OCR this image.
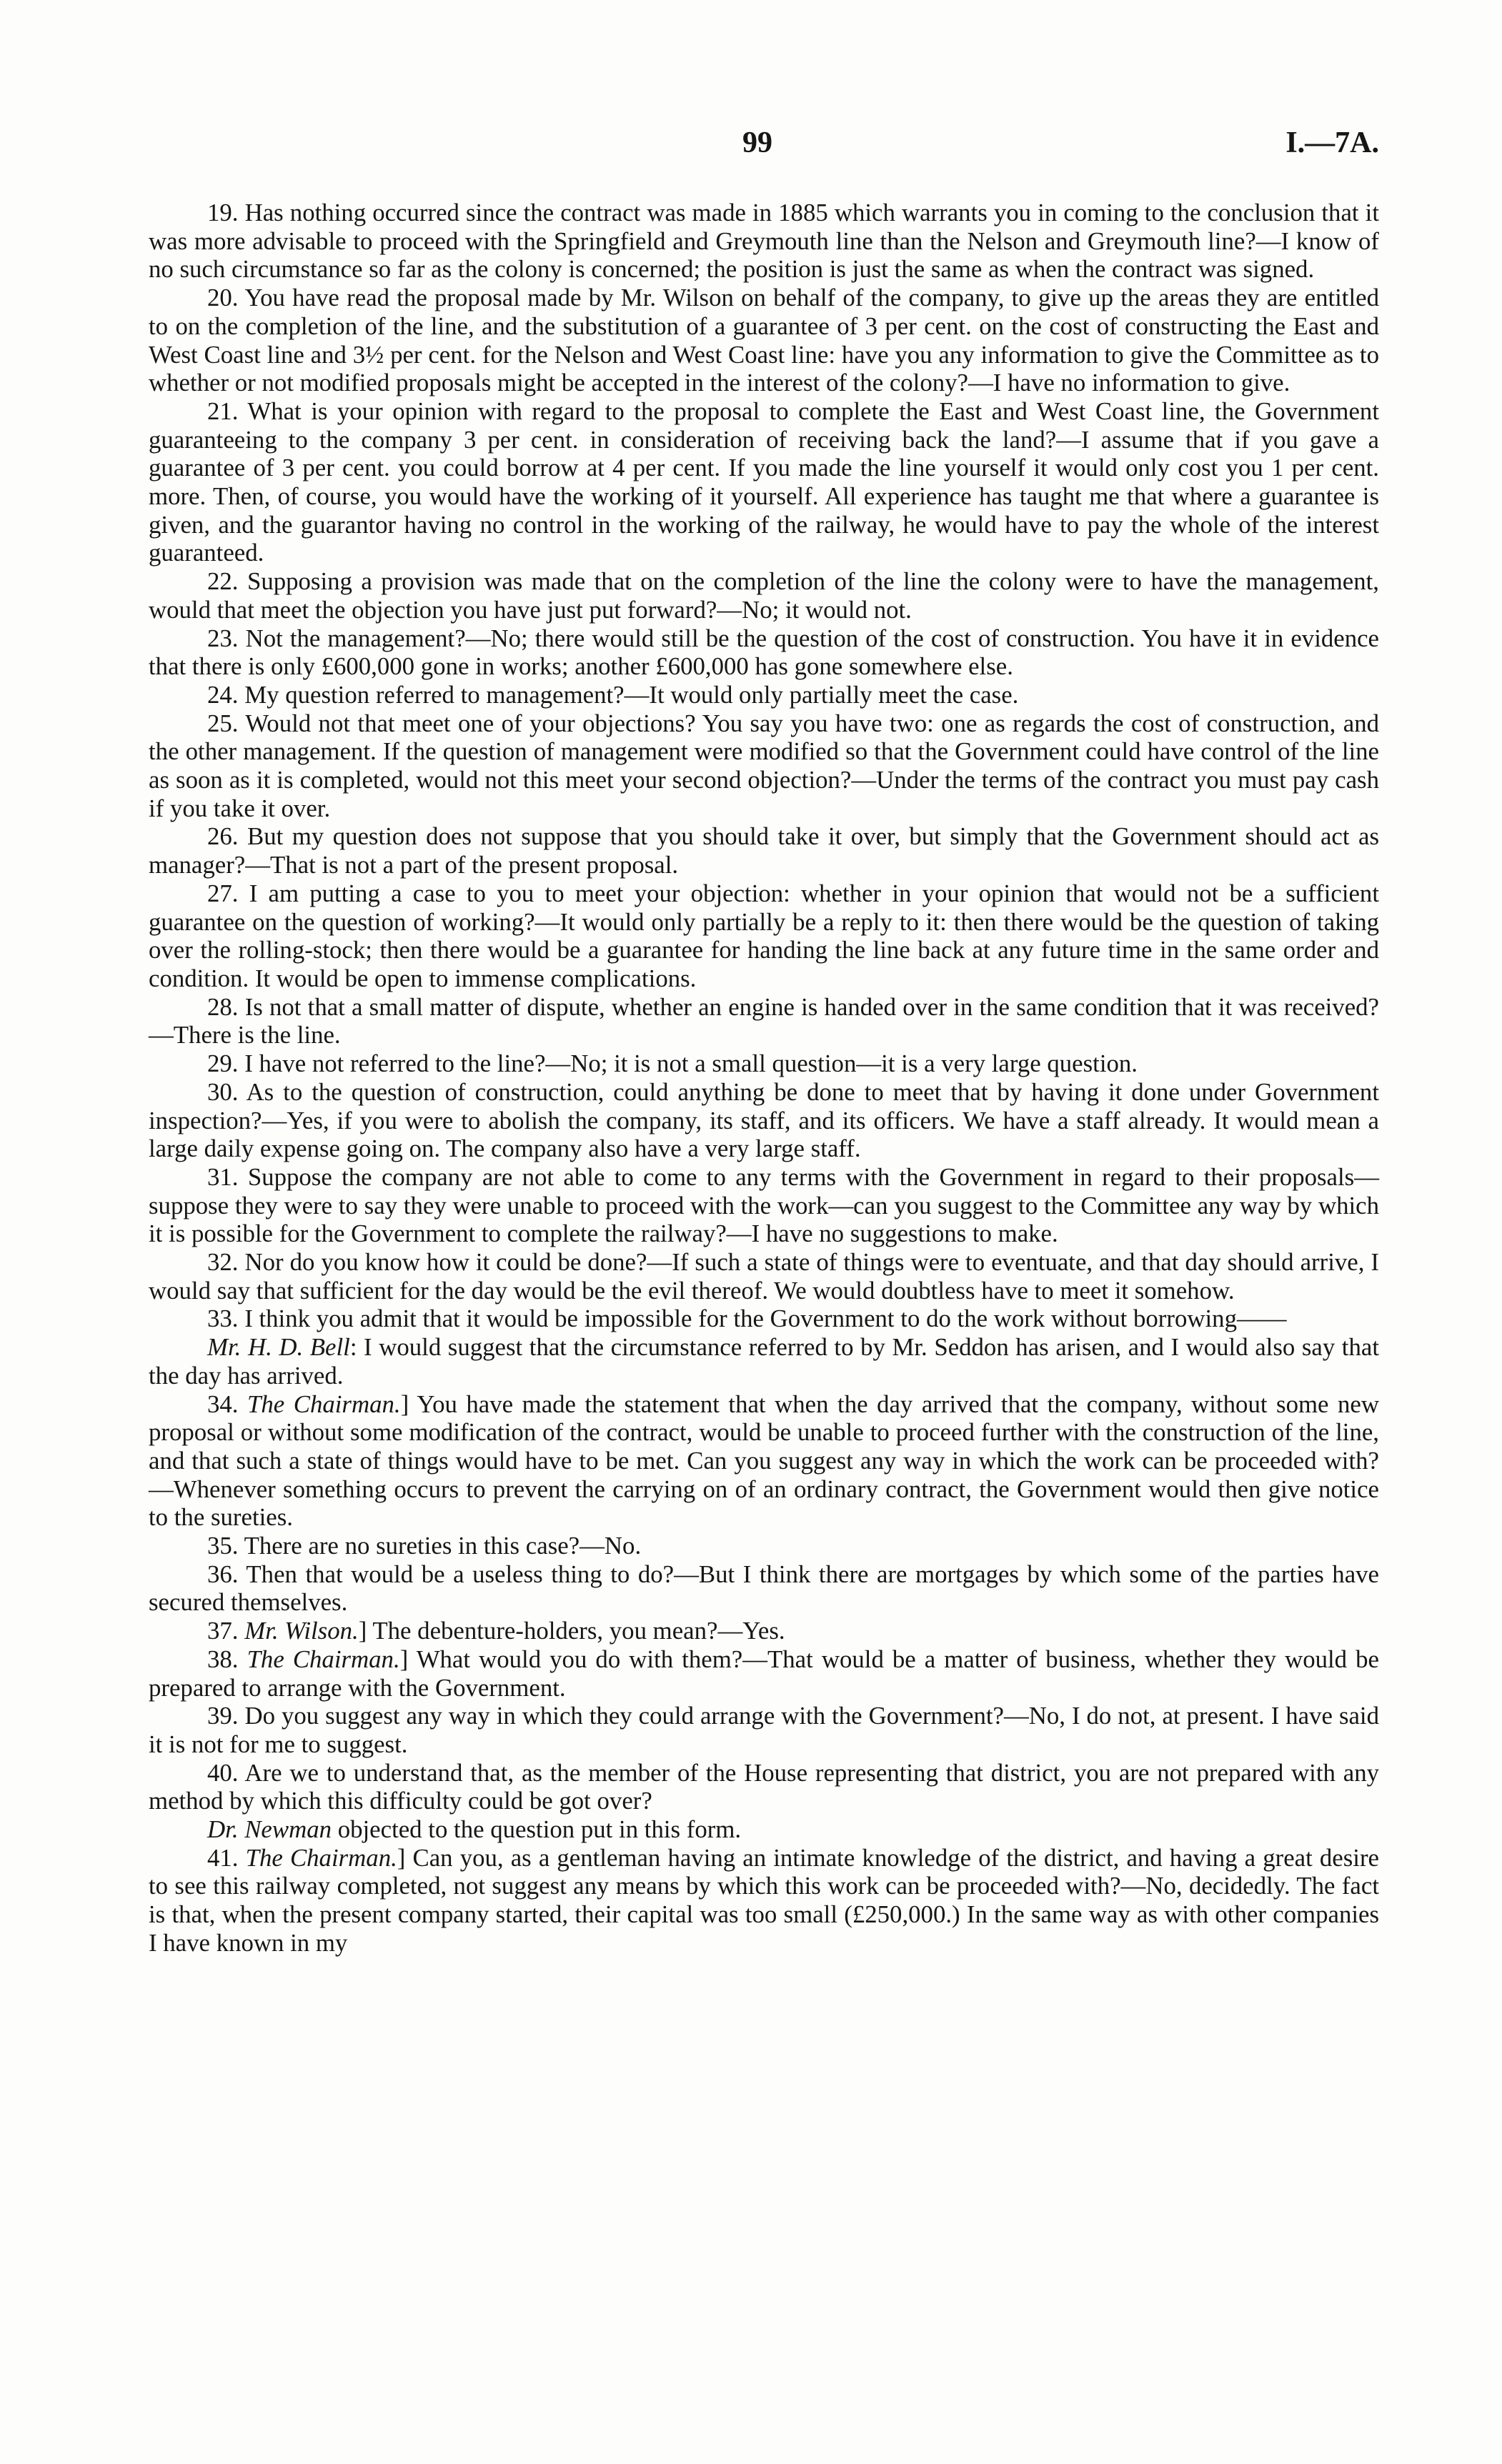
99	I.—7A.

19. Has nothing occurred since the contract was made in 1885 which warrants you in coming to the conclusion that it was more advisable to proceed with the Springfield and Greymouth line than the Nelson and Greymouth line?—I know of no such circumstance so far as the colony is concerned; the position is just the same as when the contract was signed.

20. You have read the proposal made by Mr. Wilson on behalf of the company, to give up the areas they are entitled to on the completion of the line, and the substitution of a guarantee of 3 per cent. on the cost of constructing the East and West Coast line and 3½ per cent. for the Nelson and West Coast line: have you any information to give the Committee as to whether or not modified proposals might be accepted in the interest of the colony?—I have no information to give.

21. What is your opinion with regard to the proposal to complete the East and West Coast line, the Government guaranteeing to the company 3 per cent. in consideration of receiving back the land?—I assume that if you gave a guarantee of 3 per cent. you could borrow at 4 per cent. If you made the line yourself it would only cost you 1 per cent. more. Then, of course, you would have the working of it yourself. All experience has taught me that where a guarantee is given, and the guarantor having no control in the working of the railway, he would have to pay the whole of the interest guaranteed.

22. Supposing a provision was made that on the completion of the line the colony were to have the management, would that meet the objection you have just put forward?—No; it would not.

23. Not the management?—No; there would still be the question of the cost of construction. You have it in evidence that there is only £600,000 gone in works; another £600,000 has gone somewhere else.

24. My question referred to management?—It would only partially meet the case.

25. Would not that meet one of your objections? You say you have two: one as regards the cost of construction, and the other management. If the question of management were modified so that the Government could have control of the line as soon as it is completed, would not this meet your second objection?—Under the terms of the contract you must pay cash if you take it over.

26. But my question does not suppose that you should take it over, but simply that the Government should act as manager?—That is not a part of the present proposal.

27. I am putting a case to you to meet your objection: whether in your opinion that would not be a sufficient guarantee on the question of working?—It would only partially be a reply to it: then there would be the question of taking over the rolling-stock; then there would be a guarantee for handing the line back at any future time in the same order and condition. It would be open to immense complications.

28. Is not that a small matter of dispute, whether an engine is handed over in the same condition that it was received?—There is the line.

29. I have not referred to the line?—No; it is not a small question—it is a very large question.

30. As to the question of construction, could anything be done to meet that by having it done under Government inspection?—Yes, if you were to abolish the company, its staff, and its officers. We have a staff already. It would mean a large daily expense going on. The company also have a very large staff.

31. Suppose the company are not able to come to any terms with the Government in regard to their proposals—suppose they were to say they were unable to proceed with the work—can you suggest to the Committee any way by which it is possible for the Government to complete the railway?—I have no suggestions to make.

32. Nor do you know how it could be done?—If such a state of things were to eventuate, and that day should arrive, I would say that sufficient for the day would be the evil thereof. We would doubtless have to meet it somehow.

33. I think you admit that it would be impossible for the Government to do the work without borrowing——

Mr. H. D. Bell: I would suggest that the circumstance referred to by Mr. Seddon has arisen, and I would also say that the day has arrived.

34. The Chairman.] You have made the statement that when the day arrived that the company, without some new proposal or without some modification of the contract, would be unable to proceed further with the construction of the line, and that such a state of things would have to be met. Can you suggest any way in which the work can be proceeded with?—Whenever something occurs to prevent the carrying on of an ordinary contract, the Government would then give notice to the sureties.

35. There are no sureties in this case?—No.

36. Then that would be a useless thing to do?—But I think there are mortgages by which some of the parties have secured themselves.

37. Mr. Wilson.] The debenture-holders, you mean?—Yes.

38. The Chairman.] What would you do with them?—That would be a matter of business, whether they would be prepared to arrange with the Government.

39. Do you suggest any way in which they could arrange with the Government?—No, I do not, at present. I have said it is not for me to suggest.

40. Are we to understand that, as the member of the House representing that district, you are not prepared with any method by which this difficulty could be got over?

Dr. Newman objected to the question put in this form.

41. The Chairman.] Can you, as a gentleman having an intimate knowledge of the district, and having a great desire to see this railway completed, not suggest any means by which this work can be proceeded with?—No, decidedly. The fact is that, when the present company started, their capital was too small (£250,000.) In the same way as with other companies I have known in my
